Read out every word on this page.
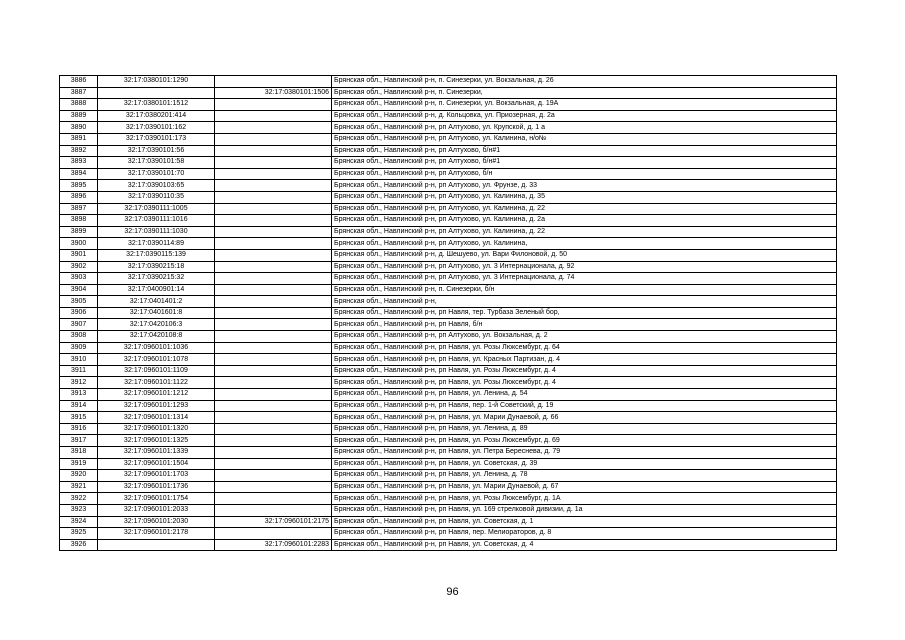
3886	32:17:0380101:1290		Брянская обл., Навлинский р-н, п. Синезерки, ул. Вокзальная, д. 26
3887		32:17:0380101:1506	Брянская обл., Навлинский р-н, п. Синезерки,
3888	32:17:0380101:1512		Брянская обл., Навлинский р-н, п. Синезерки, ул. Вокзальная, д. 19А
3889	32:17:0380201:414		Брянская обл., Навлинский р-н, д. Кольцовка, ул. Приозерная, д. 2а
3890	32:17:0390101:162		Брянская обл., Навлинский р-н, рп Алтухово, ул. Крупской, д. 1 а
3891	32:17:0390101:173		Брянская обл., Навлинский р-н, рп Алтухово, ул. Калинина, н/о№
3892	32:17:0390101:56		Брянская обл., Навлинский р-н, рп Алтухово, б/н#1
3893	32:17:0390101:58		Брянская обл., Навлинский р-н, рп Алтухово, б/н#1
3894	32:17:0390101:70		Брянская обл., Навлинский р-н, рп Алтухово, б/н
3895	32:17:0390103:65		Брянская обл., Навлинский р-н, рп Алтухово, ул. Фрунзе, д. 33
3896	32:17:0390110:35		Брянская обл., Навлинский р-н, рп Алтухово, ул. Калинина, д. 35
3897	32:17:0390111:1005		Брянская обл., Навлинский р-н, рп Алтухово, ул. Калинина, д. 22
3898	32:17:0390111:1016		Брянская обл., Навлинский р-н, рп Алтухово, ул. Калинина, д. 2а
3899	32:17:0390111:1030		Брянская обл., Навлинский р-н, рп Алтухово, ул. Калинина, д. 22
3900	32:17:0390114:89		Брянская обл., Навлинский р-н, рп Алтухово, ул. Калинина,
3901	32:17:0390115:139		Брянская обл., Навлинский р-н, д. Шешуево, ул. Вари Филоновой, д. 50
3902	32:17:0390215:18		Брянская обл., Навлинский р-н, рп Алтухово, ул. 3 Интернационала, д. 92
3903	32:17:0390215:32		Брянская обл., Навлинский р-н, рп Алтухово, ул. 3 Интернационала, д. 74
3904	32:17:0400901:14		Брянская обл., Навлинский р-н, п. Синезерки, б/н
3905	32:17:0401401:2		Брянская обл., Навлинский р-н,
3906	32:17:0401601:8		Брянская обл., Навлинский р-н, рп Навля, тер. Турбаза Зеленый бор,
3907	32:17:0420106:3		Брянская обл., Навлинский р-н, рп Навля, б/н
3908	32:17:0420108:8		Брянская обл., Навлинский р-н, рп Алтухово, ул. Вокзальная, д. 2
3909	32:17:0960101:1036		Брянская обл., Навлинский р-н, рп Навля, ул. Розы Люксембург, д. 64
3910	32:17:0960101:1078		Брянская обл., Навлинский р-н, рп Навля, ул. Красных Партизан, д. 4
3911	32:17:0960101:1109		Брянская обл., Навлинский р-н, рп Навля, ул. Розы Люксембург, д. 4
3912	32:17:0960101:1122		Брянская обл., Навлинский р-н, рп Навля, ул. Розы Люксембург, д. 4
3913	32:17:0960101:1212		Брянская обл., Навлинский р-н, рп Навля, ул. Ленина, д. 54
3914	32:17:0960101:1293		Брянская обл., Навлинский р-н, рп Навля, пер. 1-й Советский, д. 19
3915	32:17:0960101:1314		Брянская обл., Навлинский р-н, рп Навля, ул. Марии Дунаевой, д. 66
3916	32:17:0960101:1320		Брянская обл., Навлинский р-н, рп Навля, ул. Ленина, д. 89
3917	32:17:0960101:1325		Брянская обл., Навлинский р-н, рп Навля, ул. Розы Люксембург, д. 69
3918	32:17:0960101:1339		Брянская обл., Навлинский р-н, рп Навля, ул. Петра Береснева, д. 79
3919	32:17:0960101:1504		Брянская обл., Навлинский р-н, рп Навля, ул. Советская, д. 39
3920	32:17:0960101:1703		Брянская обл., Навлинский р-н, рп Навля, ул. Ленина, д. 78
3921	32:17:0960101:1736		Брянская обл., Навлинский р-н, рп Навля, ул. Марии Дунаевой, д. 67
3922	32:17:0960101:1754		Брянская обл., Навлинский р-н, рп Навля, ул. Розы Люксембург, д. 1А
3923	32:17:0960101:2033		Брянская обл., Навлинский р-н, рп Навля, ул. 169 стрелковой дивизии, д. 1а
3924	32:17:0960101:2030	32:17:0960101:2175	Брянская обл., Навлинский р-н, рп Навля, ул. Советская, д. 1
3925	32:17:0960101:2178		Брянская обл., Навлинский р-н, рп Навля, пер. Мелиораторов, д. 8
3926		32:17:0960101:2283	Брянская обл., Навлинский р-н, рп Навля, ул. Советская, д. 4
96
